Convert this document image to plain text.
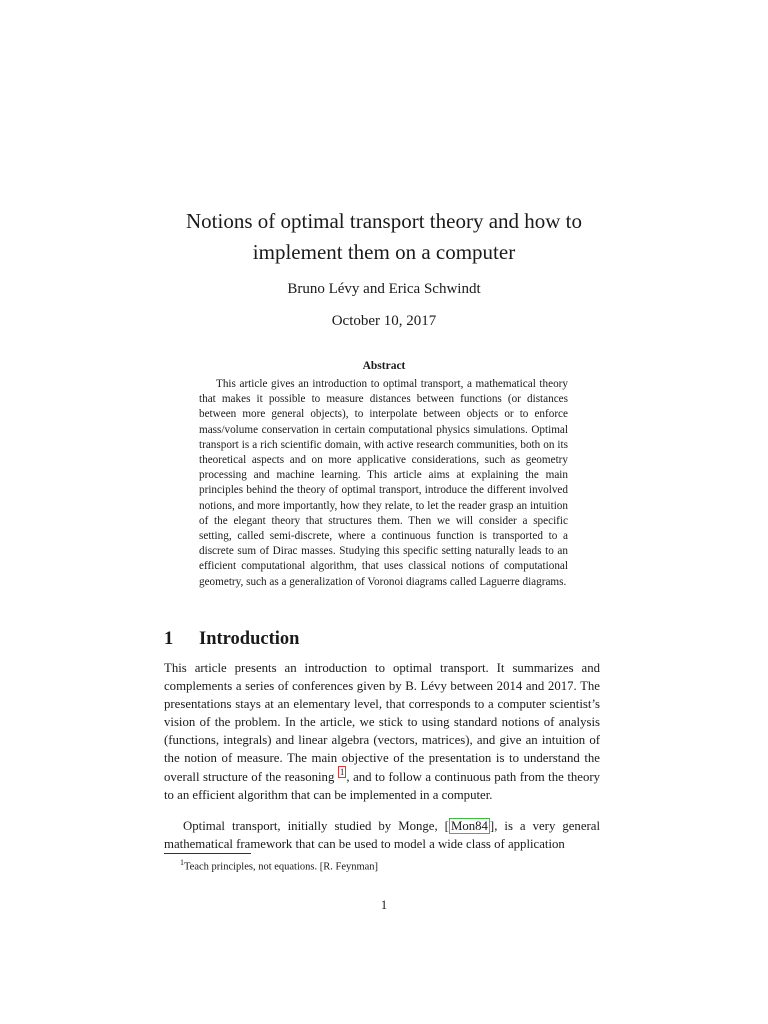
Notions of optimal transport theory and how to
implement them on a computer
Bruno Lévy and Erica Schwindt
October 10, 2017
Abstract

This article gives an introduction to optimal transport, a mathematical theory that makes it possible to measure distances between functions (or distances between more general objects), to interpolate between objects or to enforce mass/volume conservation in certain computational physics simulations. Optimal transport is a rich scientific domain, with active research communities, both on its theoretical aspects and on more applicative considerations, such as geometry processing and machine learning. This article aims at explaining the main principles behind the theory of optimal transport, introduce the different involved notions, and more importantly, how they relate, to let the reader grasp an intuition of the elegant theory that structures them. Then we will consider a specific setting, called semi-discrete, where a continuous function is transported to a discrete sum of Dirac masses. Studying this specific setting naturally leads to an efficient computational algorithm, that uses classical notions of computational geometry, such as a generalization of Voronoi diagrams called Laguerre diagrams.

1 Introduction

This article presents an introduction to optimal transport. It summarizes and complements a series of conferences given by B. Lévy between 2014 and 2017. The presentations stays at an elementary level, that corresponds to a computer scientist’s vision of the problem. In the article, we stick to using standard notions of analysis (functions, integrals) and linear algebra (vectors, matrices), and give an intuition of the notion of measure. The main objective of the presentation is to understand the overall structure of the reasoning $^1$ , and to follow a continuous path from the theory to an efficient algorithm that can be implemented in a computer.

Optimal transport, initially studied by Monge, [ Mon84 ], is a very general mathematical framework that can be used to model a wide class of application

$^1$Teach principles, not equations. [R. Feynman]
1
